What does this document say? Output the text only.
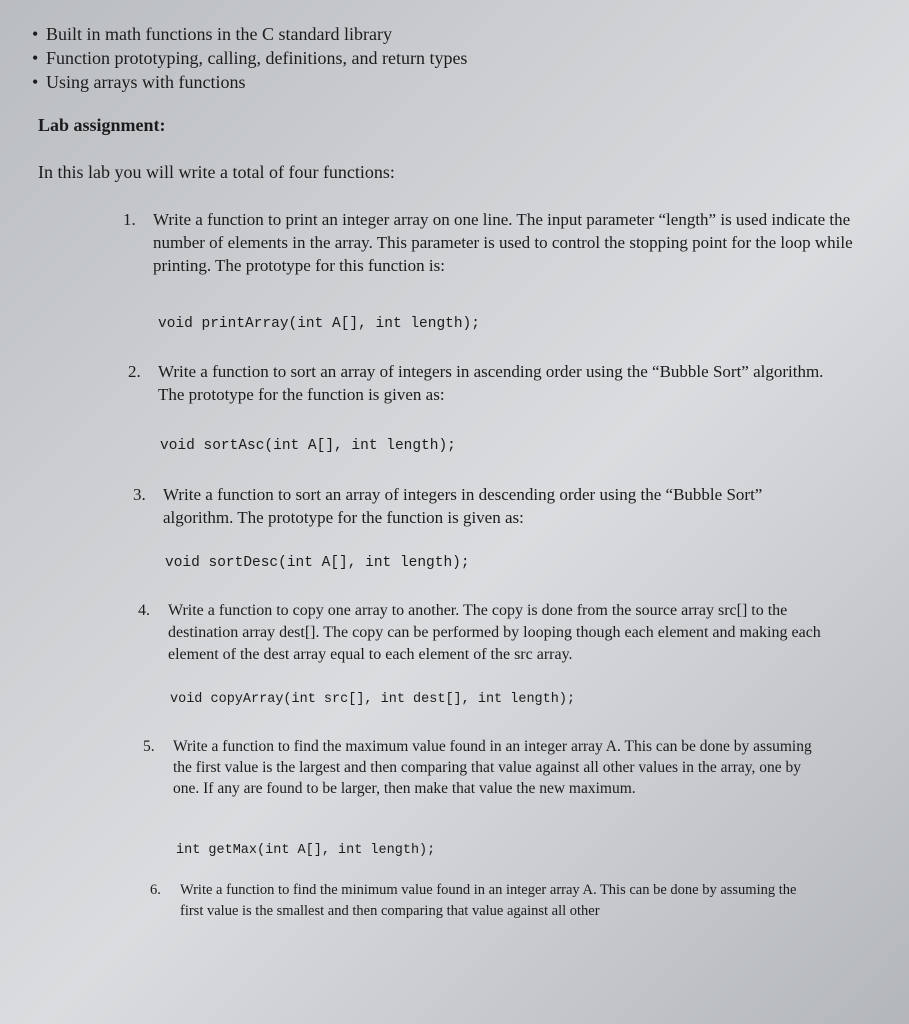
• Built in math functions in the C standard library
• Function prototyping, calling, definitions, and return types
• Using arrays with functions
Lab assignment:

In this lab you will write a total of four functions:

1. Write a function to print an integer array on one line. The input parameter “length” is used indicate the number of elements in the array. This parameter is used to control the stopping point for the loop while printing. The prototype for this function is:

void printArray(int A[], int length);
2. Write a function to sort an array of integers in ascending order using the “Bubble Sort” algorithm. The prototype for the function is given as:

void sortAsc(int A[], int length);
3. Write a function to sort an array of integers in descending order using the “Bubble Sort” algorithm. The prototype for the function is given as:

void sortDesc(int A[], int length);
4. Write a function to copy one array to another. The copy is done from the source array src[] to the destination array dest[]. The copy can be performed by looping though each element and making each element of the dest array equal to each element of the src array.

void copyArray(int src[], int dest[], int length);
5. Write a function to find the maximum value found in an integer array A. This can be done by assuming the first value is the largest and then comparing that value against all other values in the array, one by one. If any are found to be larger, then make that value the new maximum.

int getMax(int A[], int length);
6. Write a function to find the minimum value found in an integer array A. This can be done by assuming the first value is the smallest and then comparing that value against all other
